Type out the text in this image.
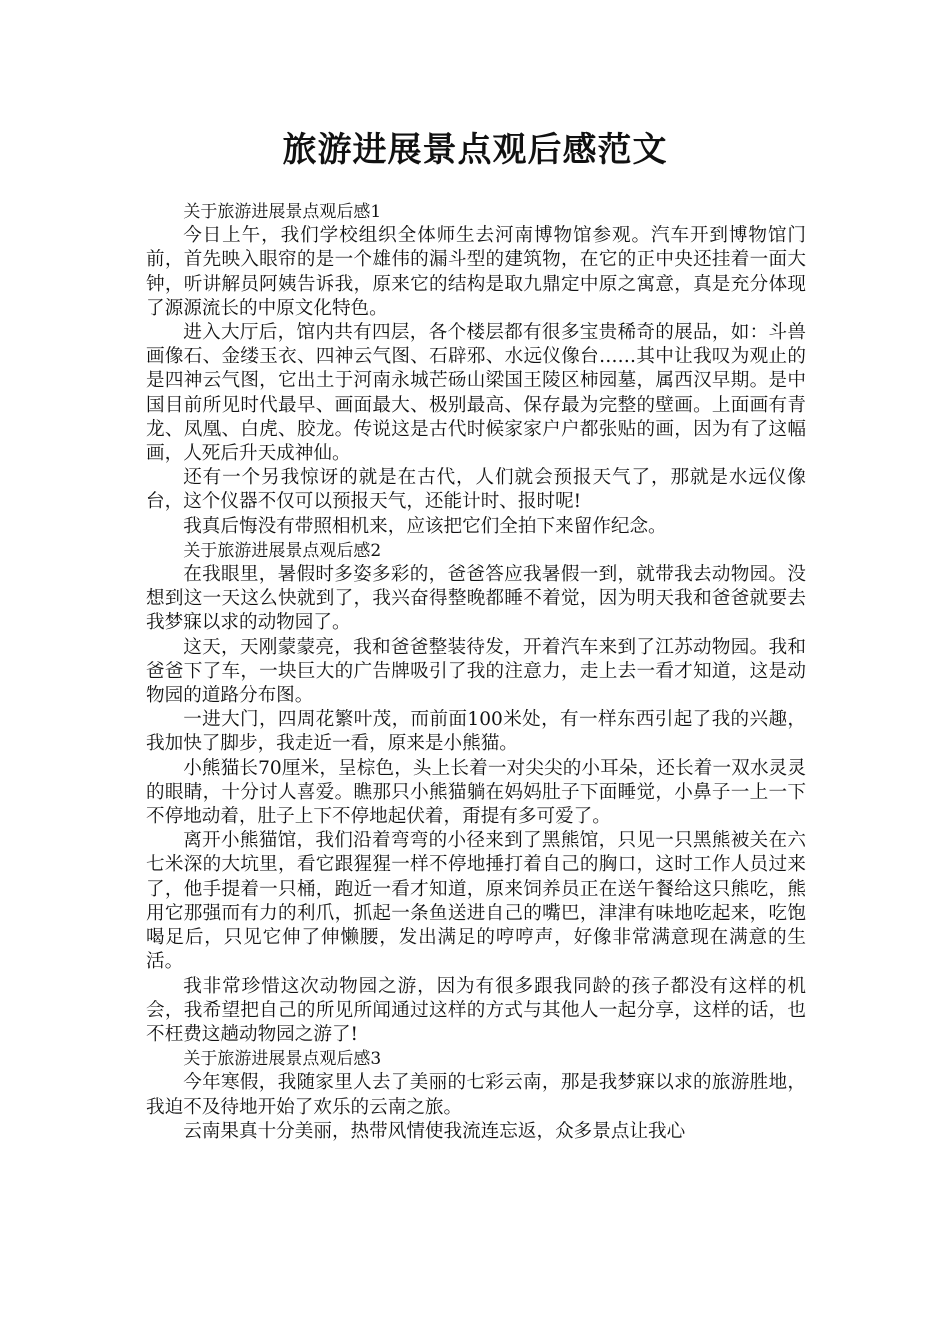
旅游进展景点观后感范文

关于旅游进展景点观后感1

今日上午，我们学校组织全体师生去河南博物馆参观。汽车开到博物馆门前，首先映入眼帘的是一个雄伟的漏斗型的建筑物，在它的正中央还挂着一面大钟，听讲解员阿姨告诉我，原来它的结构是取九鼎定中原之寓意，真是充分体现了源源流长的中原文化特色。

进入大厅后，馆内共有四层，各个楼层都有很多宝贵稀奇的展品，如：斗兽画像石、金缕玉衣、四神云气图、石辟邪、水远仪像台……其中让我叹为观止的是四神云气图，它出土于河南永城芒砀山梁国王陵区柿园墓，属西汉早期。是中国目前所见时代最早、画面最大、极别最高、保存最为完整的壁画。上面画有青龙、凤凰、白虎、胶龙。传说这是古代时候家家户户都张贴的画，因为有了这幅画，人死后升天成神仙。

还有一个另我惊讶的就是在古代，人们就会预报天气了，那就是水远仪像台，这个仪器不仅可以预报天气，还能计时、报时呢!

我真后悔没有带照相机来，应该把它们全拍下来留作纪念。

关于旅游进展景点观后感2

在我眼里，暑假时多姿多彩的，爸爸答应我暑假一到，就带我去动物园。没想到这一天这么快就到了，我兴奋得整晚都睡不着觉，因为明天我和爸爸就要去我梦寐以求的动物园了。

这天，天刚蒙蒙亮，我和爸爸整装待发，开着汽车来到了江苏动物园。我和爸爸下了车，一块巨大的广告牌吸引了我的注意力，走上去一看才知道，这是动物园的道路分布图。

一进大门，四周花繁叶茂，而前面100米处，有一样东西引起了我的兴趣，我加快了脚步，我走近一看，原来是小熊猫。

小熊猫长70厘米，呈棕色，头上长着一对尖尖的小耳朵，还长着一双水灵灵的眼睛，十分讨人喜爱。瞧那只小熊猫躺在妈妈肚子下面睡觉，小鼻子一上一下不停地动着，肚子上下不停地起伏着，甭提有多可爱了。

离开小熊猫馆，我们沿着弯弯的小径来到了黑熊馆，只见一只黑熊被关在六七米深的大坑里，看它跟猩猩一样不停地捶打着自己的胸口，这时工作人员过来了，他手提着一只桶，跑近一看才知道，原来饲养员正在送午餐给这只熊吃，熊用它那强而有力的利爪，抓起一条鱼送进自己的嘴巴，津津有味地吃起来，吃饱喝足后，只见它伸了伸懒腰，发出满足的哼哼声，好像非常满意现在满意的生活。

我非常珍惜这次动物园之游，因为有很多跟我同龄的孩子都没有这样的机会，我希望把自己的所见所闻通过这样的方式与其他人一起分享，这样的话，也不枉费这趟动物园之游了!

关于旅游进展景点观后感3

今年寒假，我随家里人去了美丽的七彩云南，那是我梦寐以求的旅游胜地，我迫不及待地开始了欢乐的云南之旅。

云南果真十分美丽，热带风情使我流连忘返，众多景点让我心
